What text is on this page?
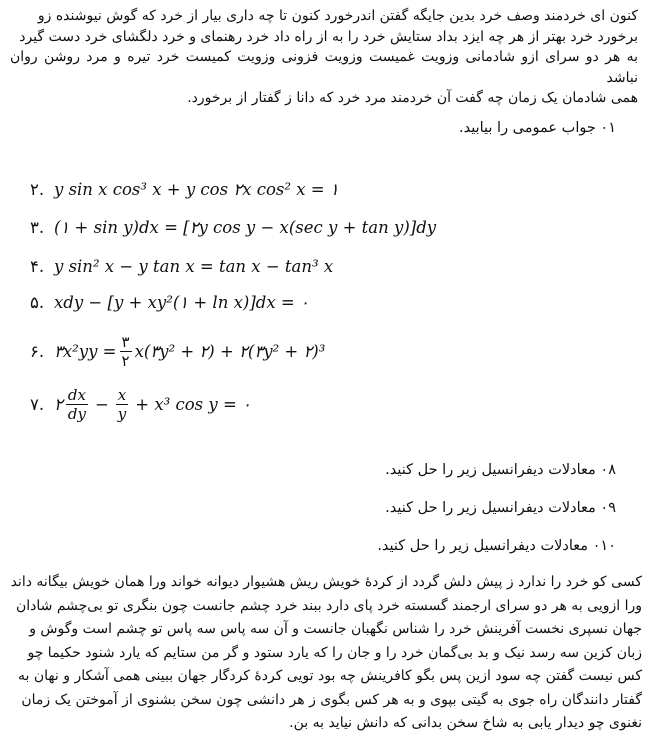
کنون ای خردمند وصف خرد بدین جایگه گفتن اندرخورد کنون تا چه داری بیار از خرد که گوش نیوشنده زو
برخورد خرد بهتر از هر چه ایزد بداد ستایش خرد را به از راه داد خرد رهنمای و خرد دلگشای خرد دست گیرد
به هر دو سرای ازو شادمانی وزویت غمیست وزویت فزونی وزویت کمیست خرد تیره و مرد روشن روان نباشد
همی شادمان یک زمان چه گفت آن خردمند مرد خرد که دانا ز گفتار از برخورد.
۰۱ جواب عمومی را بیابید.
۲. y sin x cos³ x + y cos ۲x cos² x = ۱
۳. (۱ + sin y)dx = [۲y cos y − x(sec y + tan y)]dy
۴. y sin² x − y tan x = tan x − tan³ x
۵. xdy − [y + xy²(۱ + ln x)]dx = ۰
۶. ۳x²yy = $\frac{۳}{۲}$ x(۳y² + ۲) + ۲(۳y² + ۲)³
۷. ۲ $\frac{dx}{dy} - \frac{x}{y} + x^3$ cos y = ۰
۰۸ معادلات دیفرانسیل زیر را حل کنید.
۰۹ معادلات دیفرانسیل زیر را حل کنید.
۰۱۰ معادلات دیفرانسیل زیر را حل کنید.
کسی کو خرد را ندارد ز پیش دلش گردد از کردهٔ خویش ریش هشیوار دیوانه خواند ورا همان خویش بیگانه داند
ورا ازویی به هر دو سرای ارجمند گسسته خرد پای دارد ببند خرد چشم جانست چون بنگری تو بی‌چشم شادان
جهان نسپری نخست آفرینش خرد را شناس نگهبان جانست و آن سه پاس سه پاس تو چشم است وگوش و
زبان کزین سه رسد نیک و بد بی‌گمان خرد را و جان را که یارد ستود و گر من ستایم که یارد شنود حکیما چو
کس نیست گفتن چه سود ازین پس بگو کافرینش چه بود تویی کردهٔ کردگار جهان ببینی همی آشکار و نهان به
گفتار دانندگان راه جوی به گیتی بپوی و به هر کس بگوی ز هر دانشی چون سخن بشنوی از آموختن یک زمان
نغنوی چو دیدار یابی به شاخ سخن بدانی که دانش نیاید به بن.
